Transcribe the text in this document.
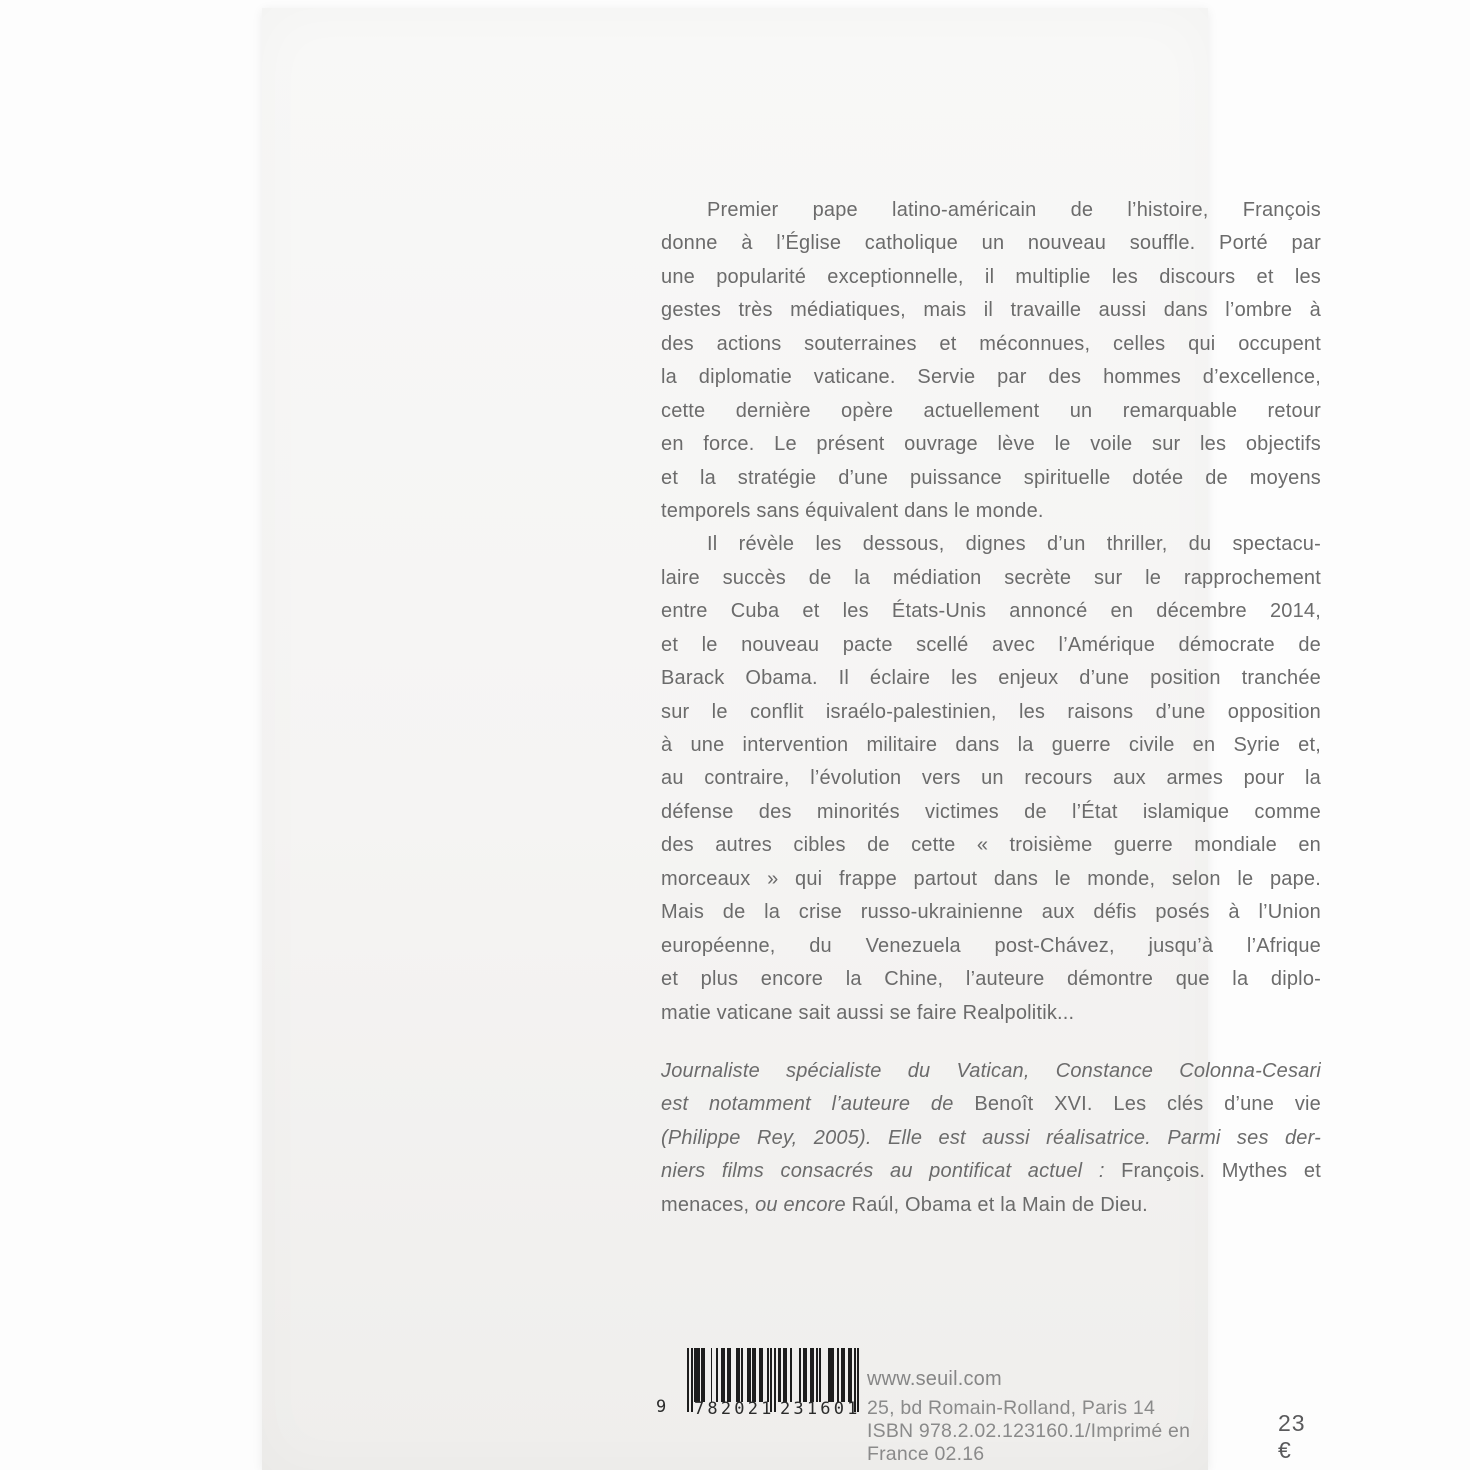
Premier pape latino-américain de l’histoire, François
donne à l’Église catholique un nouveau souffle. Porté par
une popularité exceptionnelle, il multiplie les discours et les
gestes très médiatiques, mais il travaille aussi dans l’ombre à
des actions souterraines et méconnues, celles qui occupent
la diplomatie vaticane. Servie par des hommes d’excellence,
cette dernière opère actuellement un remarquable retour
en force. Le présent ouvrage lève le voile sur les objectifs
et la stratégie d’une puissance spirituelle dotée de moyens
temporels sans équivalent dans le monde.
Il révèle les dessous, dignes d’un thriller, du spectacu-
laire succès de la médiation secrète sur le rapprochement
entre Cuba et les États-Unis annoncé en décembre 2014,
et le nouveau pacte scellé avec l’Amérique démocrate de
Barack Obama. Il éclaire les enjeux d’une position tranchée
sur le conflit israélo-palestinien, les raisons d’une opposition
à une intervention militaire dans la guerre civile en Syrie et,
au contraire, l’évolution vers un recours aux armes pour la
défense des minorités victimes de l’État islamique comme
des autres cibles de cette « troisième guerre mondiale en
morceaux » qui frappe partout dans le monde, selon le pape.
Mais de la crise russo-ukrainienne aux défis posés à l’Union
européenne, du Venezuela post-Chávez, jusqu’à l’Afrique
et plus encore la Chine, l’auteure démontre que la diplo-
matie vaticane sait aussi se faire Realpolitik...
Journaliste spécialiste du Vatican, Constance Colonna-Cesari
est notamment l’auteure de Benoît XVI. Les clés d’une vie
(Philippe Rey, 2005). Elle est aussi réalisatrice. Parmi ses der-
niers films consacrés au pontificat actuel : François. Mythes et
menaces, ou encore Raúl, Obama et la Main de Dieu.
9 782021 231601
www.seuil.com
25, bd Romain-Rolland, Paris 14
ISBN 978.2.02.123160.1/Imprimé en France 02.16
23 €
